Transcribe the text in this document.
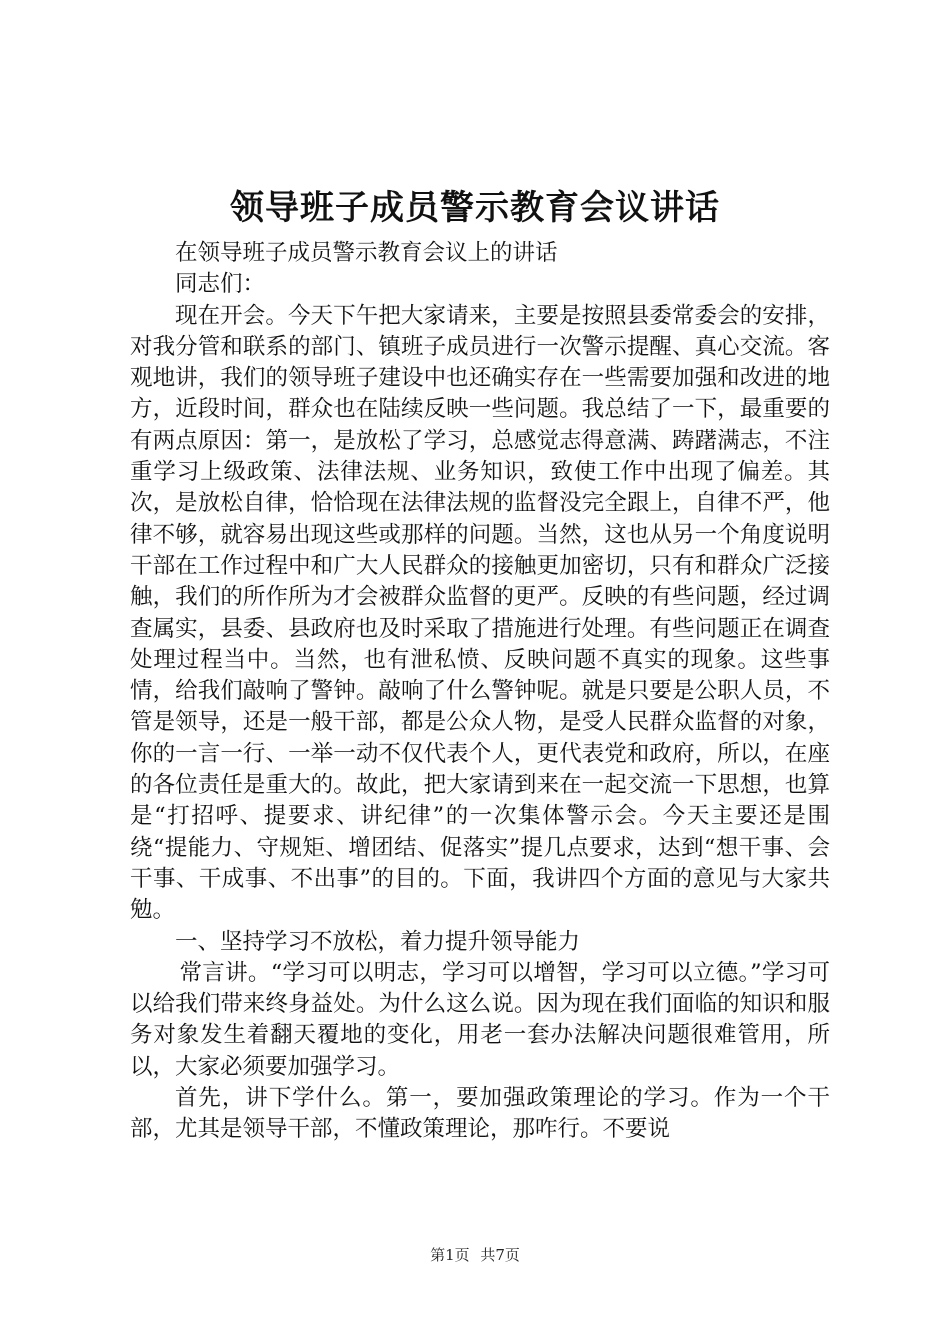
领导班子成员警示教育会议讲话

在领导班子成员警示教育会议上的讲话

同志们：

现在开会。今天下午把大家请来，主要是按照县委常委会的安排，对我分管和联系的部门、镇班子成员进行一次警示提醒、真心交流。客观地讲，我们的领导班子建设中也还确实存在一些需要加强和改进的地方，近段时间，群众也在陆续反映一些问题。我总结了一下，最重要的有两点原因：第一，是放松了学习，总感觉志得意满、踌躇满志，不注重学习上级政策、法律法规、业务知识，致使工作中出现了偏差。其次，是放松自律，恰恰现在法律法规的监督没完全跟上，自律不严，他律不够，就容易出现这些或那样的问题。当然，这也从另一个角度说明干部在工作过程中和广大人民群众的接触更加密切，只有和群众广泛接触，我们的所作所为才会被群众监督的更严。反映的有些问题，经过调查属实，县委、县政府也及时采取了措施进行处理。有些问题正在调查处理过程当中。当然，也有泄私愤、反映问题不真实的现象。这些事情，给我们敲响了警钟。敲响了什么警钟呢。就是只要是公职人员，不管是领导，还是一般干部，都是公众人物，是受人民群众监督的对象，你的一言一行、一举一动不仅代表个人，更代表党和政府，所以，在座的各位责任是重大的。故此，把大家请到来在一起交流一下思想，也算是“打招呼、提要求、讲纪律”的一次集体警示会。今天主要还是围绕“提能力、守规矩、增团结、促落实”提几点要求，达到“想干事、会干事、干成事、不出事”的目的。下面，我讲四个方面的意见与大家共勉。

一、坚持学习不放松，着力提升领导能力

常言讲。“学习可以明志，学习可以增智，学习可以立德。”学习可以给我们带来终身益处。为什么这么说。因为现在我们面临的知识和服务对象发生着翻天覆地的变化，用老一套办法解决问题很难管用，所以，大家必须要加强学习。

首先，讲下学什么。第一，要加强政策理论的学习。作为一个干部，尤其是领导干部，不懂政策理论，那咋行。不要说

第1页 共7页
